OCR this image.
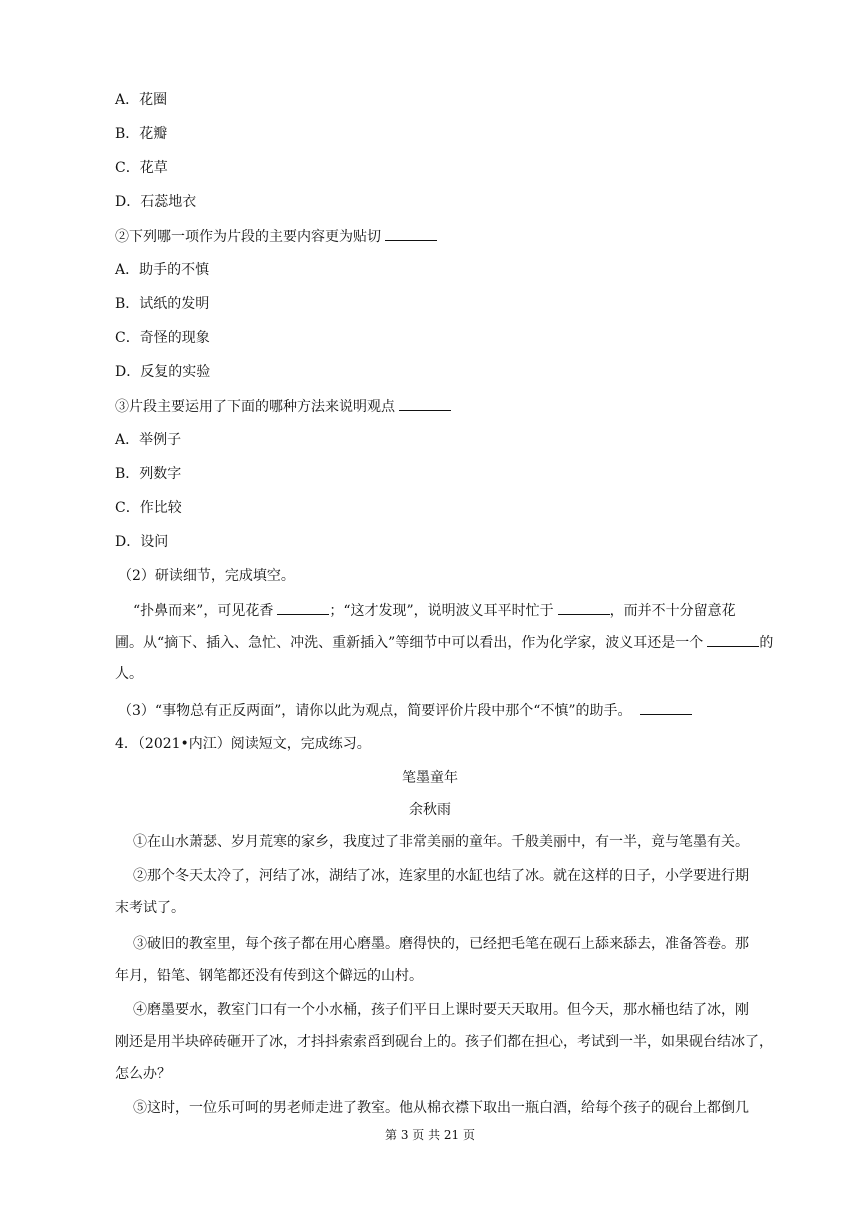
A．花圈
B．花瓣
C．花草
D．石蕊地衣
②下列哪一项作为片段的主要内容更为贴切
A．助手的不慎
B．试纸的发明
C．奇怪的现象
D．反复的实验
③片段主要运用了下面的哪种方法来说明观点
A．举例子
B．列数字
C．作比较
D．设问
（2）研读细节，完成填空。
“扑鼻而来”，可见花香	；“这才发现”，说明波义耳平时忙于	，而并不十分留意花
圃。从“摘下、插入、急忙、冲洗、重新插入”等细节中可以看出，作为化学家，波义耳还是一个	的
人。
（3）“事物总有正反两面”，请你以此为观点，简要评价片段中那个“不慎”的助手。
4．（2021•内江）阅读短文，完成练习。
笔墨童年
余秋雨
①在山水萧瑟、岁月荒寒的家乡，我度过了非常美丽的童年。千般美丽中，有一半，竟与笔墨有关。
②那个冬天太冷了，河结了冰，湖结了冰，连家里的水缸也结了冰。就在这样的日子，小学要进行期
末考试了。
③破旧的教室里，每个孩子都在用心磨墨。磨得快的，已经把毛笔在砚石上舔来舔去，准备答卷。那
年月，铅笔、钢笔都还没有传到这个僻远的山村。
④磨墨要水，教室门口有一个小水桶，孩子们平日上课时要天天取用。但今天，那水桶也结了冰，刚
刚还是用半块碎砖砸开了冰，才抖抖索索舀到砚台上的。孩子们都在担心，考试到一半，如果砚台结冰了，
怎么办？
⑤这时，一位乐可呵的男老师走进了教室。他从棉衣襟下取出一瓶白酒，给每个孩子的砚台上都倒几
第 3 页 共 21 页
